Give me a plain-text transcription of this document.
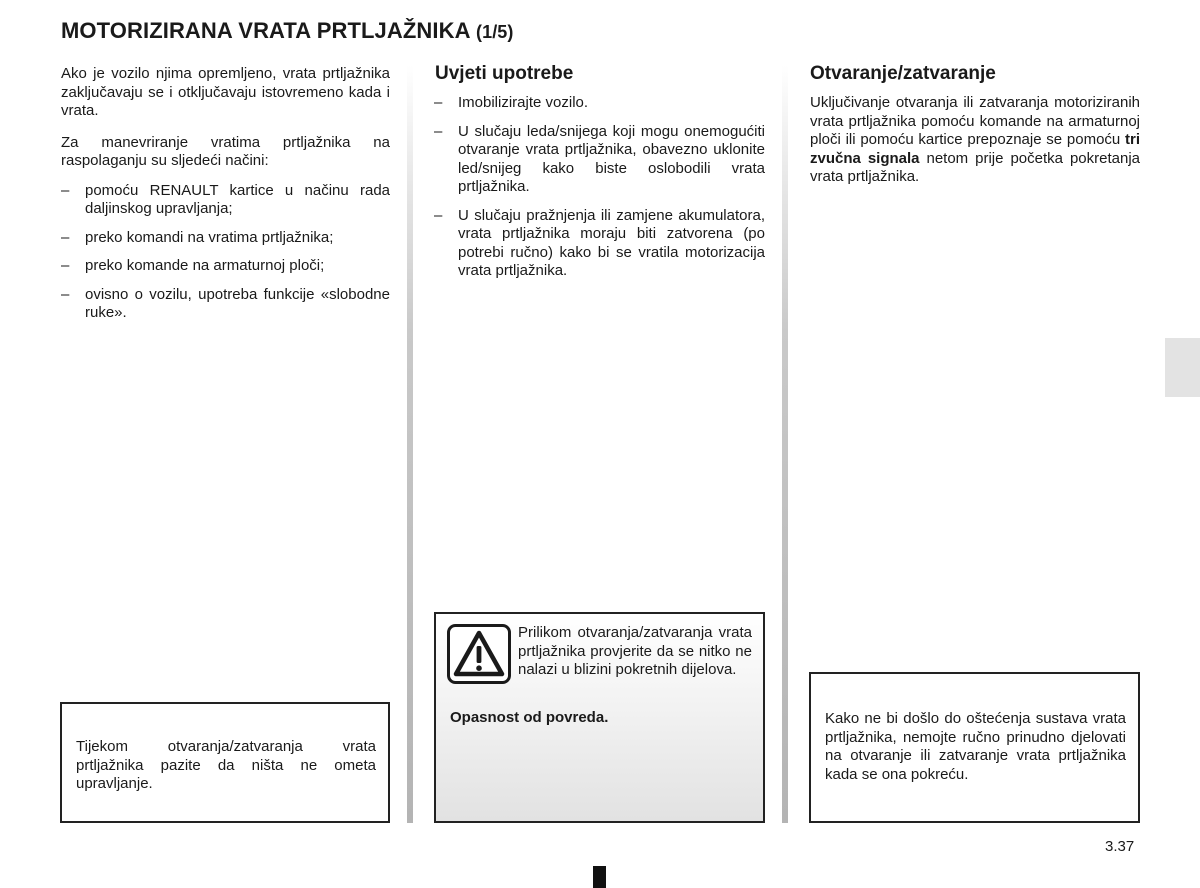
MOTORIZIRANA VRATA PRTLJAŽNIKA (1/5)

Ako je vozilo njima opremljeno, vrata prtljažnika zaključavaju se i otključavaju istovremeno kada i vrata.

Za manevriranje vratima prtljažnika na raspolaganju su sljedeći načini:

– pomoću RENAULT kartice u načinu rada daljinskog upravljanja;
– preko komandi na vratima prtljažnika;
– preko komande na armaturnoj ploči;
– ovisno o vozilu, upotreba funkcije «slobodne ruke».

Tijekom otvaranja/zatvaranja vrata prtljažnika pazite da ništa ne ometa upravljanje.

Uvjeti upotrebe
– Imobilizirajte vozilo.
– U slučaju leda/snijega koji mogu onemogućiti otvaranje vrata prtljažnika, obavezno uklonite led/snijeg kako biste oslobodili vrata prtljažnika.
– U slučaju pražnjenja ili zamjene akumulatora, vrata prtljažnika moraju biti zatvorena (po potrebi ručno) kako bi se vratila motorizacija vrata prtljažnika.

Prilikom otvaranja/zatvaranja vrata prtljažnika provjerite da se nitko ne nalazi u blizini pokretnih dijelova.

Opasnost od povreda.

Otvaranje/zatvaranje

Uključivanje otvaranja ili zatvaranja motoriziranih vrata prtljažnika pomoću komande na armaturnoj ploči ili pomoću kartice prepoznaje se pomoću tri zvučna signala netom prije početka pokretanja vrata prtljažnika.

Kako ne bi došlo do oštećenja sustava vrata prtljažnika, nemojte ručno prinudno djelovati na otvaranje ili zatvaranje vrata prtljažnika kada se ona pokreću.

3.37
